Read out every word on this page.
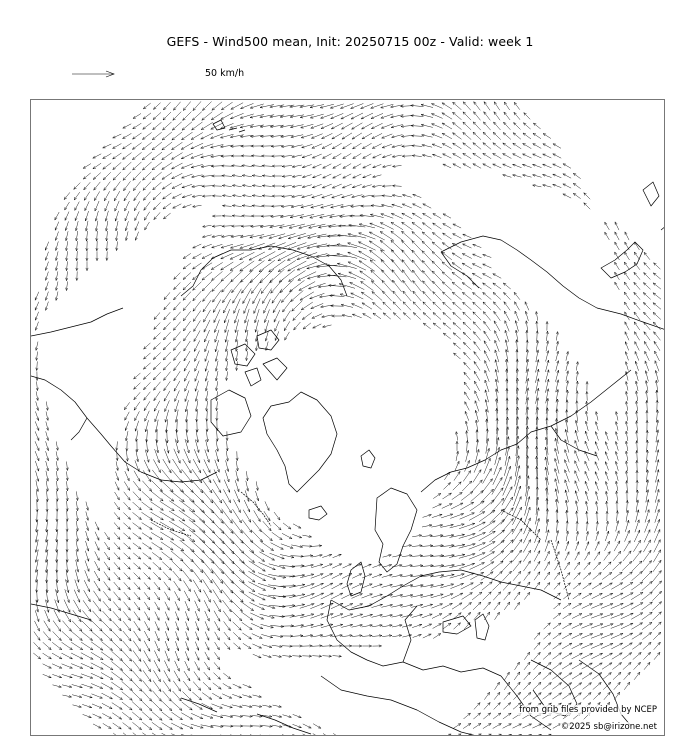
GEFS - Wind500 mean, Init: 20250715 00z - Valid: week 1
50 km/h
from grib files provided by NCEP
©2025 sb@irizone.net
